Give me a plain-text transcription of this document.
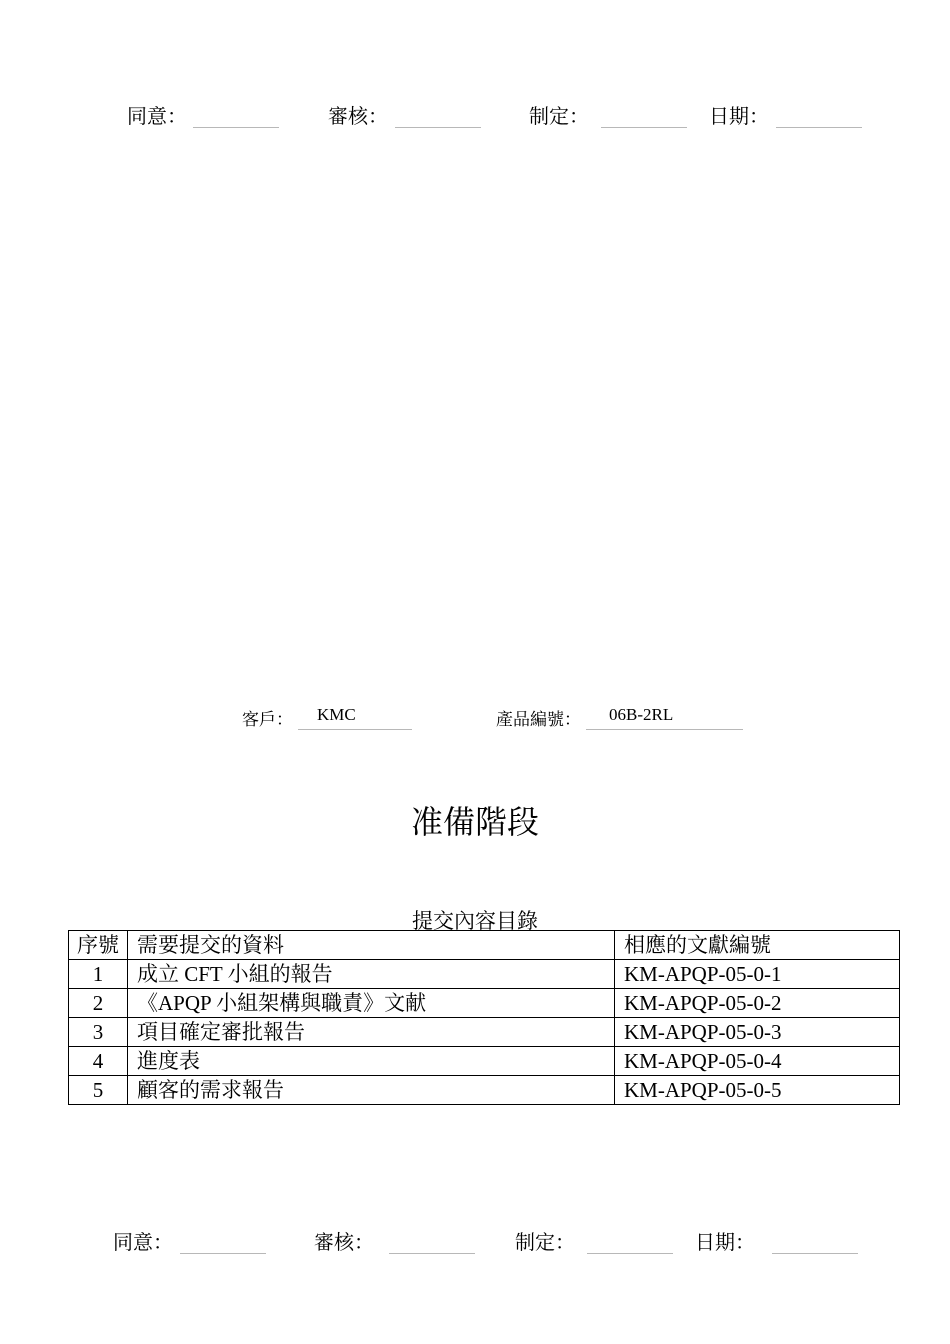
同意：	審核：	制定：	日期：
客戶： KMC	產品編號： 06B-2RL
准備階段
提交內容目錄
序號	需要提交的資料	相應的文獻編號
1	成立 CFT 小組的報告	KM-APQP-05-0-1
2	《APQP 小組架構與職責》文献	KM-APQP-05-0-2
3	項目確定審批報告	KM-APQP-05-0-3
4	進度表	KM-APQP-05-0-4
5	顧客的需求報告	KM-APQP-05-0-5
同意：	審核：	制定：	日期：
